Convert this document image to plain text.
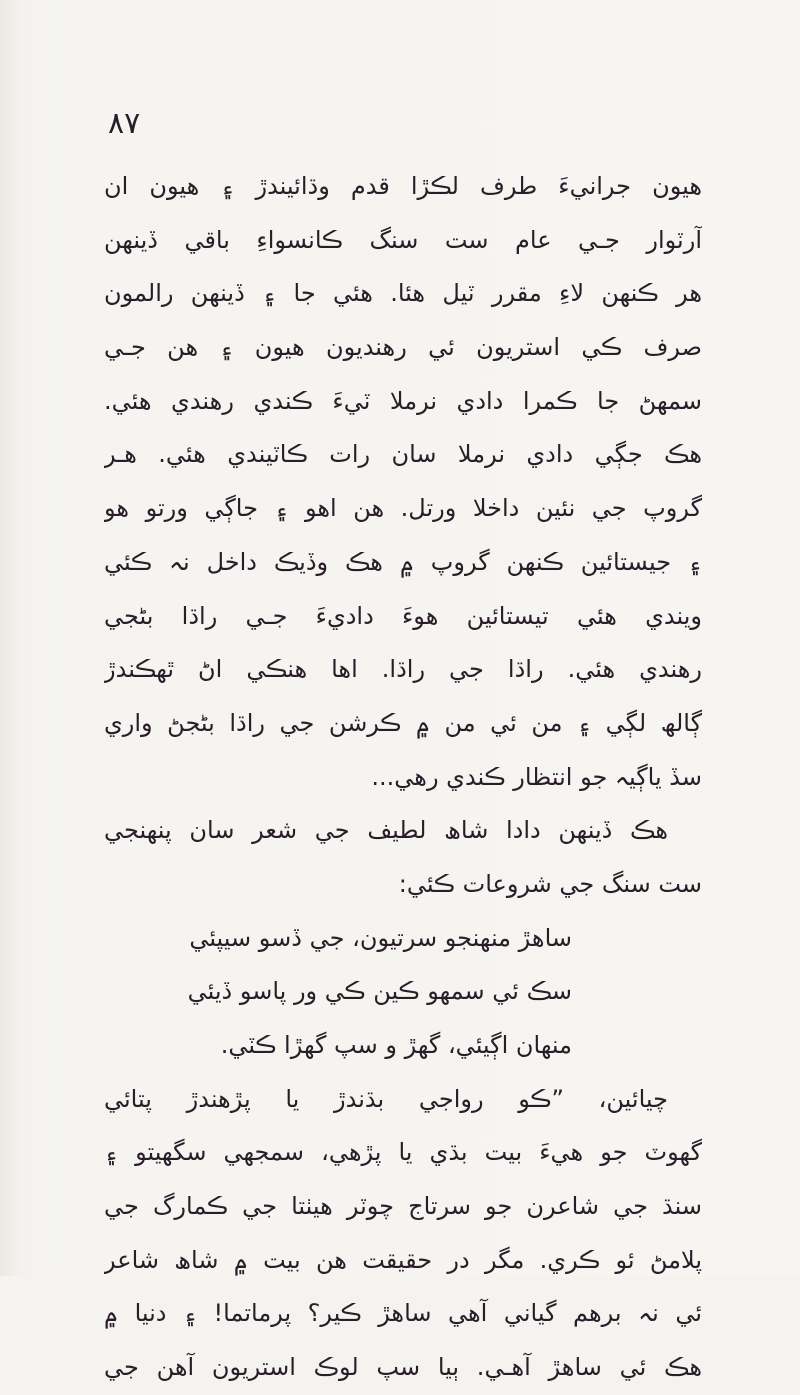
٨٧
هيون جرانيءَ طرف لڪڙا قدم وڌائيندڙ ۽ هيون ان
آرٽوار جـي عام ست سنگ ڪانسواءِ باقي ڏينهن
هر ڪنهن لاءِ مقرر ٽيل هئا. هئي جا ۽ ڏينهن رالمون
صرف ڪي استريون ئي رهنديون هيون ۽ هن جـي
سمهڻ جا ڪمرا دادي نرملا ٽيءَ ڪندي رهندي هئي.
هڪ جڳي دادي نرملا سان رات ڪاٽيندي هئي. هـر
گروپ جي نئين داخلا ورتل. هن اهو ۽ جاڳي ورتو هو
۽ جيستائين ڪنهن گروپ ۾ هڪ وڏيڪ داخل نہ ڪئي
ويندي هئي تيستائين هوءَ داديءَ جـي راڌا بڻجي
رهندي هئي. راڌا جي راڌا. اها هنڪي اڻ ٿهڪندڙ
ڳالھ لڳي ۽ من ئي من ۾ ڪرشن جي راڌا بڻجڻ واري
سڏ ياڳيہ جو انتظار ڪندي رهي...
هڪ ڏينهن دادا شاھ لطيف جي شعر سان پنهنجي
ست سنگ جي شروعات ڪئي:
ساهڙ منهنجو سرتيون، جي ڏسو سيپئي
سڪ ئي سمهو ڪين ڪي ور پاسو ڏيئي
منهان اڳيئي، گهڙ و سپ گهڙا ڪٽي.
چيائين، ”ڪو رواجي بڌندڙ يا پڙهندڙ پتائي
گهوٽ جو هيءَ بيت بڌي يا پڙهي، سمجهي سگهيتو ۽
سنڌ جي شاعرن جو سرتاج چوٽر هيٺتا جي ڪمارگ جي
پلامڻ ئو ڪري. مگر در حقيقت هن بيت ۾ شاھ شاعر
ئي نہ برهم گياني آهي ساهڙ ڪير؟ پرماتما! ۽ دنيا ۾
هڪ ئي ساهڙ آهـي. ٻيا سپ لوڪ استريون آهن جي
